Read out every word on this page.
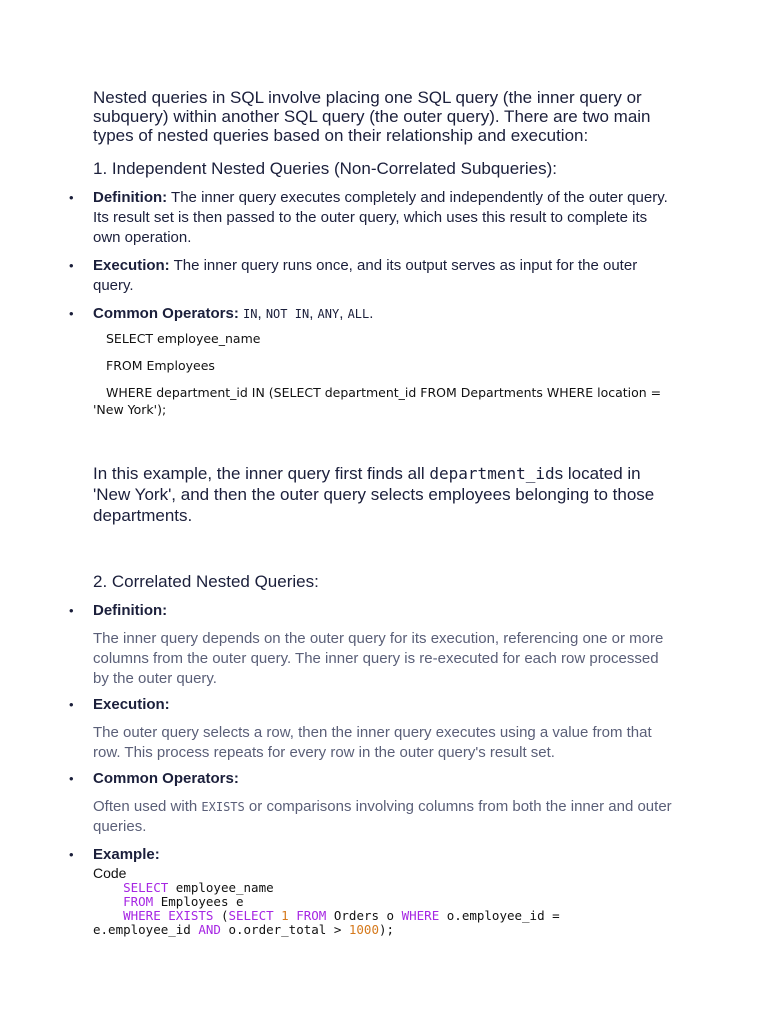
Nested queries in SQL involve placing one SQL query (the inner query or subquery) within another SQL query (the outer query). There are two main types of nested queries based on their relationship and execution:

1. Independent Nested Queries (Non-Correlated Subqueries):
• Definition: The inner query executes completely and independently of the outer query. Its result set is then passed to the outer query, which uses this result to complete its own operation.
• Execution: The inner query runs once, and its output serves as input for the outer query.
• Common Operators: IN, NOT IN, ANY, ALL.

SELECT employee_name

FROM Employees

WHERE department_id IN (SELECT department_id FROM Departments WHERE location = 'New York');

In this example, the inner query first finds all department_ids located in 'New York', and then the outer query selects employees belonging to those departments.

2. Correlated Nested Queries:
• Definition:

The inner query depends on the outer query for its execution, referencing one or more columns from the outer query. The inner query is re-executed for each row processed by the outer query.

• Execution:

The outer query selects a row, then the inner query executes using a value from that row. This process repeats for every row in the outer query's result set.

• Common Operators:

Often used with EXISTS or comparisons involving columns from both the inner and outer queries.

• Example:

Code

SELECT employee_name
FROM Employees e
WHERE EXISTS (SELECT 1 FROM Orders o WHERE o.employee_id =
e.employee_id AND o.order_total > 1000);
